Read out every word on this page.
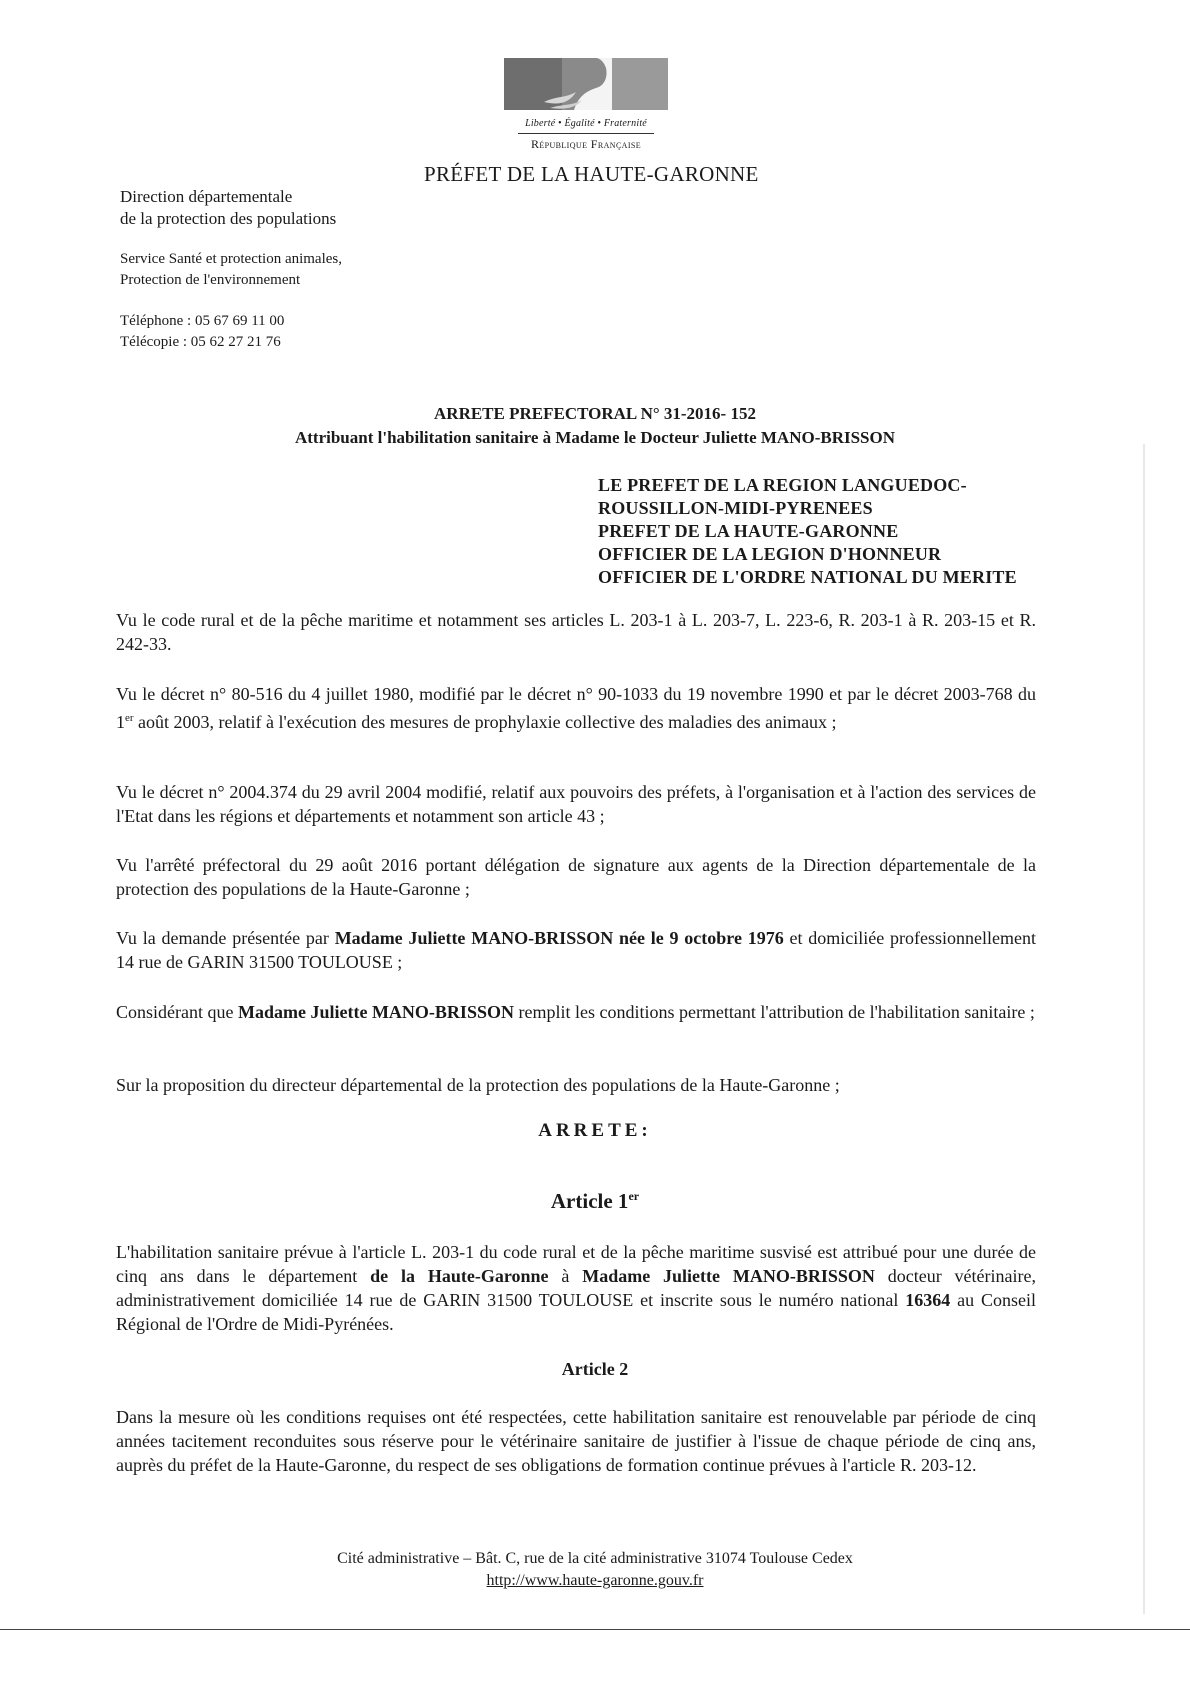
Liberté • Égalité • Fraternité
République Française
PRÉFET DE LA HAUTE-GARONNE
Direction départementale
de la protection des populations
Service Santé et protection animales,
Protection de l'environnement
Téléphone : 05 67 69 11 00
Télécopie : 05 62 27 21 76
ARRETE PREFECTORAL N° 31-2016- 152
Attribuant l'habilitation sanitaire à Madame le Docteur Juliette MANO-BRISSON
LE PREFET DE LA REGION LANGUEDOC-
ROUSSILLON-MIDI-PYRENEES
PREFET DE LA HAUTE-GARONNE
OFFICIER DE LA LEGION D'HONNEUR
OFFICIER DE L'ORDRE NATIONAL DU MERITE
Vu le code rural et de la pêche maritime et notamment ses articles L. 203-1 à L. 203-7, L. 223-6, R. 203-1 à R. 203-15 et R. 242-33.
Vu le décret n° 80-516 du 4 juillet 1980, modifié par le décret n° 90-1033 du 19 novembre 1990 et par le décret 2003-768 du 1er août 2003, relatif à l'exécution des mesures de prophylaxie collective des maladies des animaux ;
Vu le décret n° 2004.374 du 29 avril 2004 modifié, relatif aux pouvoirs des préfets, à l'organisation et à l'action des services de l'Etat dans les régions et départements et notamment son article 43 ;
Vu l'arrêté préfectoral du 29 août 2016 portant délégation de signature aux agents de la Direction départementale de la protection des populations de la Haute-Garonne ;
Vu la demande présentée par Madame Juliette MANO-BRISSON née le 9 octobre 1976 et domiciliée professionnellement 14 rue de GARIN 31500 TOULOUSE ;
Considérant que Madame Juliette MANO-BRISSON remplit les conditions permettant l'attribution de l'habilitation sanitaire ;
Sur la proposition du directeur départemental de la protection des populations de la Haute-Garonne ;
ARRETE:
Article 1er
L'habilitation sanitaire prévue à l'article L. 203-1 du code rural et de la pêche maritime susvisé est attribué pour une durée de cinq ans dans le département de la Haute-Garonne à Madame Juliette MANO-BRISSON docteur vétérinaire, administrativement domiciliée 14 rue de GARIN 31500 TOULOUSE et inscrite sous le numéro national 16364 au Conseil Régional de l'Ordre de Midi-Pyrénées.
Article 2
Dans la mesure où les conditions requises ont été respectées, cette habilitation sanitaire est renouvelable par période de cinq années tacitement reconduites sous réserve pour le vétérinaire sanitaire de justifier à l'issue de chaque période de cinq ans, auprès du préfet de la Haute-Garonne, du respect de ses obligations de formation continue prévues à l'article R. 203-12.
Cité administrative – Bât. C, rue de la cité administrative 31074 Toulouse Cedex
http://www.haute-garonne.gouv.fr
